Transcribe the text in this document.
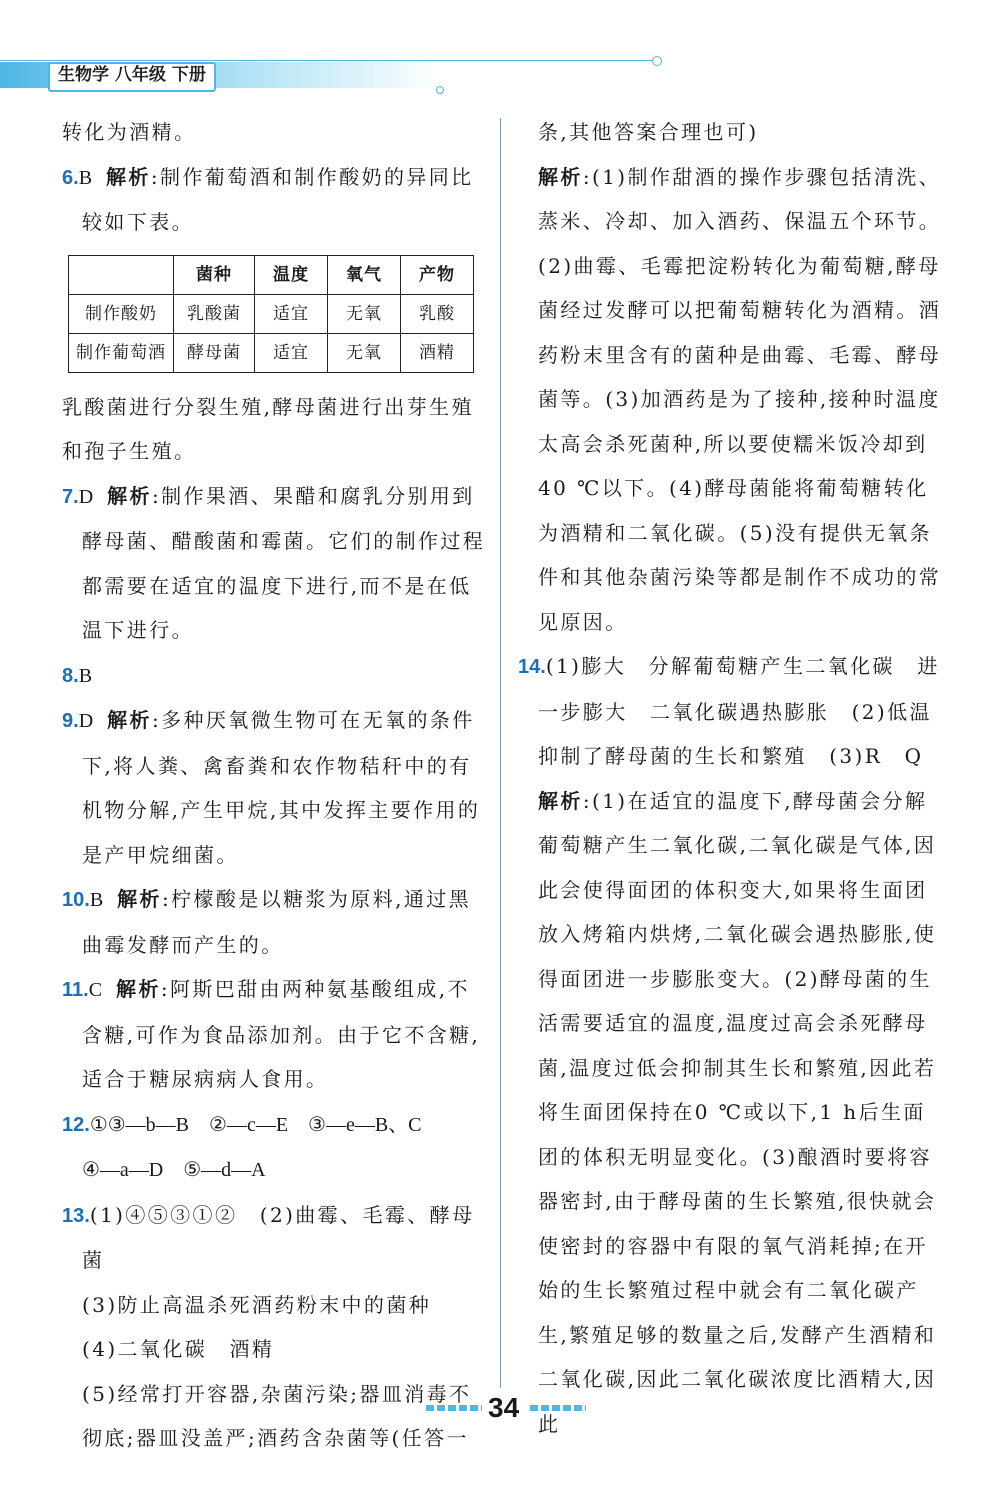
生物学 八年级 下册

转化为酒精。

6.B 解析:制作葡萄酒和制作酸奶的异同比较如下表。

	菌种	温度	氧气	产物
制作酸奶	乳酸菌	适宜	无氧	乳酸
制作葡萄酒	酵母菌	适宜	无氧	酒精

乳酸菌进行分裂生殖,酵母菌进行出芽生殖和孢子生殖。

7.D 解析:制作果酒、果醋和腐乳分别用到酵母菌、醋酸菌和霉菌。它们的制作过程都需要在适宜的温度下进行,而不是在低温下进行。

8.B

9.D 解析:多种厌氧微生物可在无氧的条件下,将人粪、禽畜粪和农作物秸秆中的有机物分解,产生甲烷,其中发挥主要作用的是产甲烷细菌。

10.B 解析:柠檬酸是以糖浆为原料,通过黑曲霉发酵而产生的。

11.C 解析:阿斯巴甜由两种氨基酸组成,不含糖,可作为食品添加剂。由于它不含糖,适合于糖尿病病人食用。

12.①③—b—B　②—c—E　③—e—B、C
④—a—D　⑤—d—A

13.(1)④⑤③①②　(2)曲霉、毛霉、酵母菌
(3)防止高温杀死酒药粉末中的菌种
(4)二氧化碳　酒精
(5)经常打开容器,杂菌污染;器皿消毒不彻底;器皿没盖严;酒药含杂菌等(任答一

条,其他答案合理也可)

解析:(1)制作甜酒的操作步骤包括清洗、蒸米、冷却、加入酒药、保温五个环节。(2)曲霉、毛霉把淀粉转化为葡萄糖,酵母菌经过发酵可以把葡萄糖转化为酒精。酒药粉末里含有的菌种是曲霉、毛霉、酵母菌等。(3)加酒药是为了接种,接种时温度太高会杀死菌种,所以要使糯米饭冷却到40 ℃以下。(4)酵母菌能将葡萄糖转化为酒精和二氧化碳。(5)没有提供无氧条件和其他杂菌污染等都是制作不成功的常见原因。

14.(1)膨大　分解葡萄糖产生二氧化碳　进一步膨大　二氧化碳遇热膨胀　(2)低温抑制了酵母菌的生长和繁殖　(3)R　Q

解析:(1)在适宜的温度下,酵母菌会分解葡萄糖产生二氧化碳,二氧化碳是气体,因此会使得面团的体积变大,如果将生面团放入烤箱内烘烤,二氧化碳会遇热膨胀,使得面团进一步膨胀变大。(2)酵母菌的生活需要适宜的温度,温度过高会杀死酵母菌,温度过低会抑制其生长和繁殖,因此若将生面团保持在0 ℃或以下,1 h后生面团的体积无明显变化。(3)酿酒时要将容器密封,由于酵母菌的生长繁殖,很快就会使密封的容器中有限的氧气消耗掉;在开始的生长繁殖过程中就会有二氧化碳产生,繁殖足够的数量之后,发酵产生酒精和二氧化碳,因此二氧化碳浓度比酒精大,因此

34
